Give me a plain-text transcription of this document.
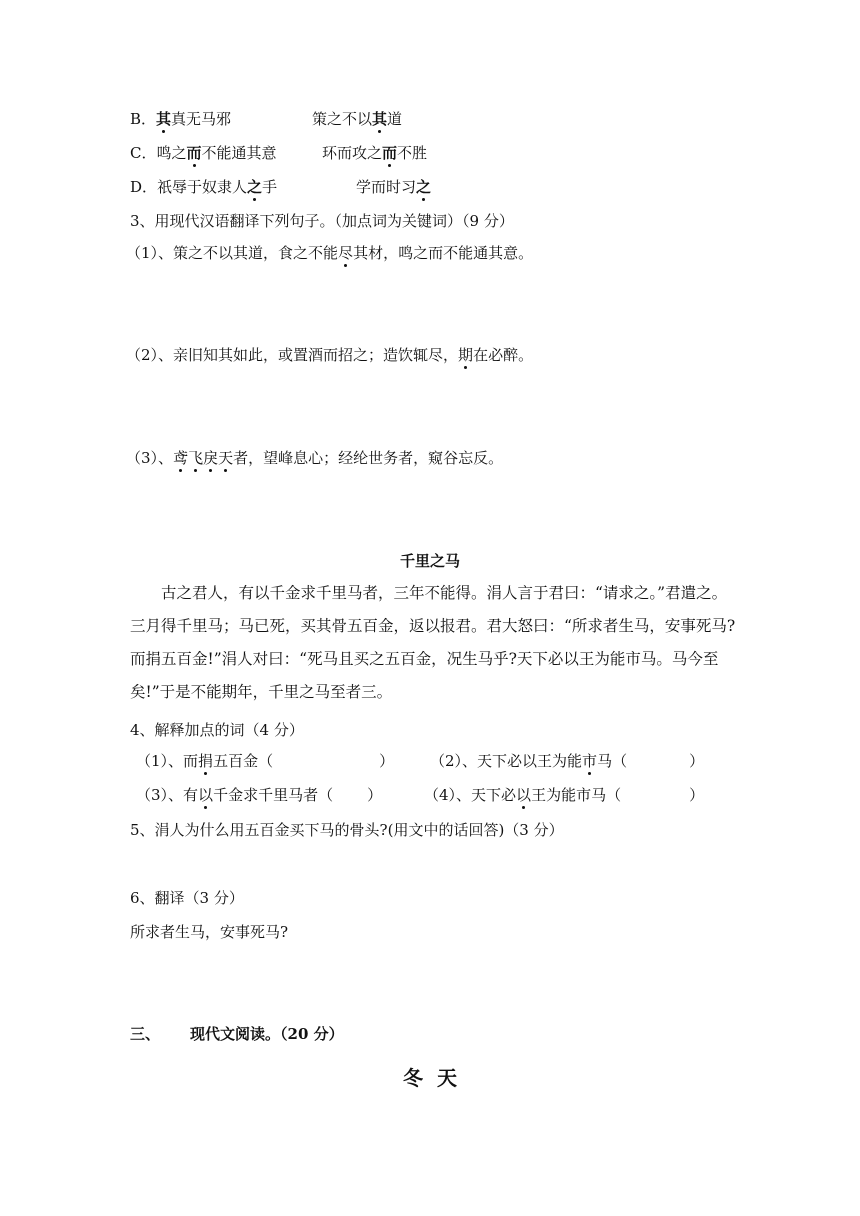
B．其真无马邪	策之不以其道
C．鸣之而不能通其意	环而攻之而不胜
D．祇辱于奴隶人之手	学而时习之
3、用现代汉语翻译下列句子。（加点词为关键词）（9 分）
（1）、策之不以其道，食之不能尽其材，鸣之而不能通其意。
（2）、亲旧知其如此，或置酒而招之；造饮辄尽，期在必醉。
（3）、鸢飞戾天者，望峰息心；经纶世务者，窥谷忘反。
千里之马
古之君人，有以千金求千里马者，三年不能得。涓人言于君曰：“请求之。”君遣之。三月得千里马；马已死，买其骨五百金，返以报君。君大怒曰：“所求者生马，安事死马?而捐五百金!”涓人对曰：“死马且买之五百金，况生马乎?天下必以王为能市马。马今至矣!”于是不能期年，千里之马至者三。
4、解释加点的词（4 分）
（1）、而捐五百金（	） （2）、天下必以王为能市马（	）
（3）、有以千金求千里马者（ ）	（4）、天下必以王为能市马（	）
5、涓人为什么用五百金买下马的骨头?(用文中的话回答)（3 分）
6、翻译（3 分）
所求者生马，安事死马?
三、 现代文阅读。（20 分）
冬  天
